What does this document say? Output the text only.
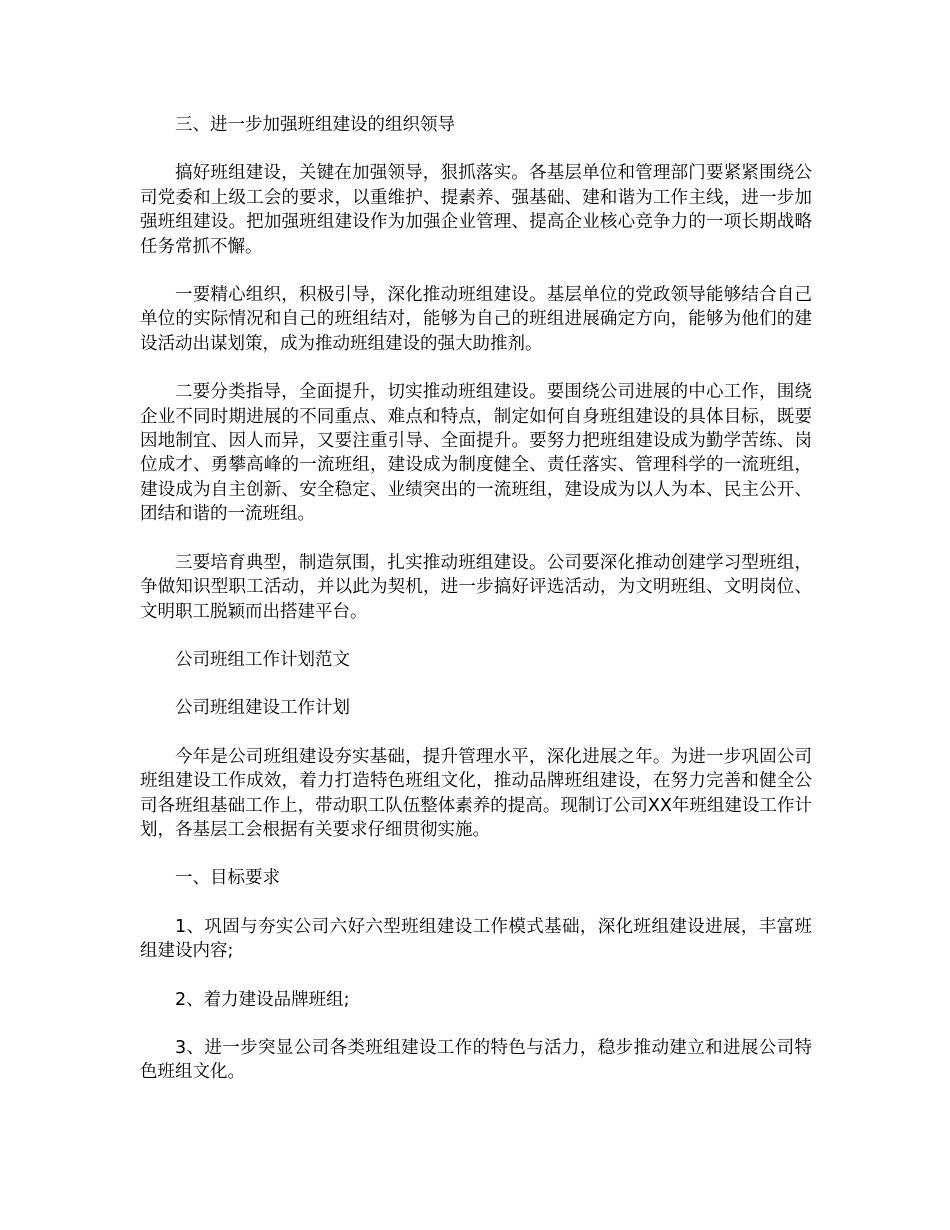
三、进一步加强班组建设的组织领导

搞好班组建设，关键在加强领导，狠抓落实。各基层单位和管理部门要紧紧围绕公司党委和上级工会的要求，以重维护、提素养、强基础、建和谐为工作主线，进一步加强班组建设。把加强班组建设作为加强企业管理、提高企业核心竞争力的一项长期战略任务常抓不懈。

一要精心组织，积极引导，深化推动班组建设。基层单位的党政领导能够结合自己单位的实际情况和自己的班组结对，能够为自己的班组进展确定方向，能够为他们的建设活动出谋划策，成为推动班组建设的强大助推剂。

二要分类指导，全面提升，切实推动班组建设。要围绕公司进展的中心工作，围绕企业不同时期进展的不同重点、难点和特点，制定如何自身班组建设的具体目标，既要因地制宜、因人而异，又要注重引导、全面提升。要努力把班组建设成为勤学苦练、岗位成才、勇攀高峰的一流班组，建设成为制度健全、责任落实、管理科学的一流班组，建设成为自主创新、安全稳定、业绩突出的一流班组，建设成为以人为本、民主公开、团结和谐的一流班组。

三要培育典型，制造氛围，扎实推动班组建设。公司要深化推动创建学习型班组，争做知识型职工活动，并以此为契机，进一步搞好评选活动，为文明班组、文明岗位、文明职工脱颖而出搭建平台。

公司班组工作计划范文

公司班组建设工作计划

今年是公司班组建设夯实基础，提升管理水平，深化进展之年。为进一步巩固公司班组建设工作成效，着力打造特色班组文化，推动品牌班组建设，在努力完善和健全公司各班组基础工作上，带动职工队伍整体素养的提高。现制订公司XX年班组建设工作计划，各基层工会根据有关要求仔细贯彻实施。

一、目标要求

1、巩固与夯实公司六好六型班组建设工作模式基础，深化班组建设进展，丰富班组建设内容;

2、着力建设品牌班组;

3、进一步突显公司各类班组建设工作的特色与活力，稳步推动建立和进展公司特色班组文化。
